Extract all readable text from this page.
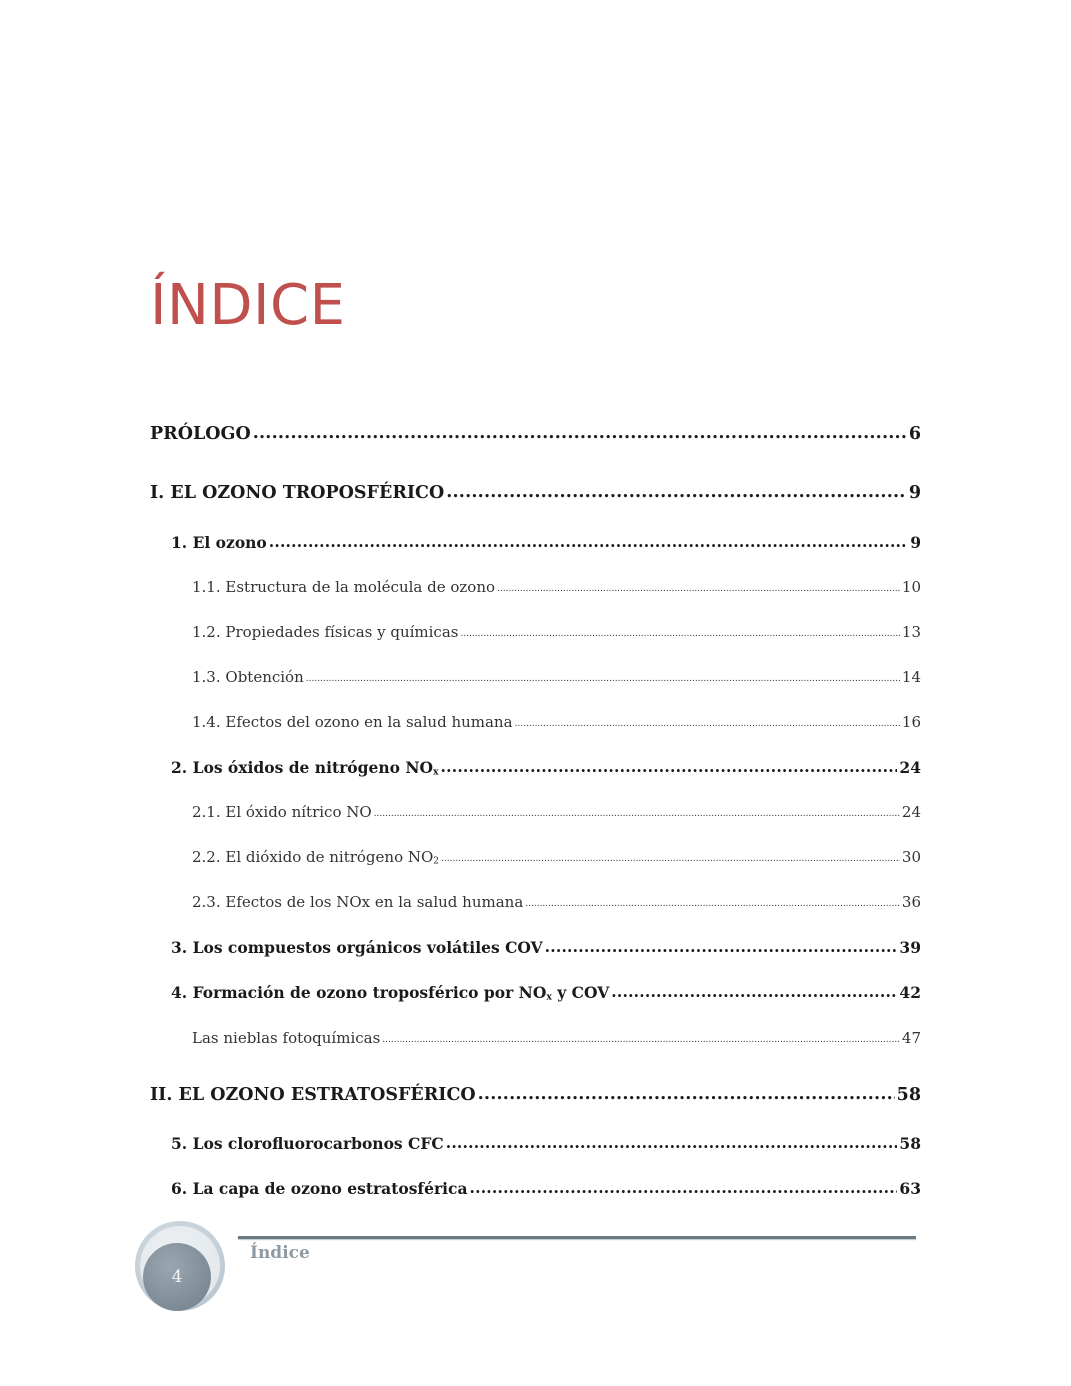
ÍNDICE
PRÓLOGO .....	6
I. EL OZONO TROPOSFÉRICO .....	9
1. El ozono .....	9
1.1. Estructura de la molécula de ozono .....	10
1.2. Propiedades físicas y químicas .....	13
1.3. Obtención .....	14
1.4. Efectos del ozono en la salud humana .....	16
2. Los óxidos de nitrógeno $NO_x$ .....	24
2.1. El óxido nítrico NO .....	24
2.2. El dióxido de nitrógeno $NO_2$ .....	30
2.3. Efectos de los NOx en la salud humana .....	36
3. Los compuestos orgánicos volátiles COV .....	39
4. Formación de ozono troposférico por $NO_x$ y COV .....	42
Las nieblas fotoquímicas .....	47
II. EL OZONO ESTRATOSFÉRICO .....	58
5. Los clorofluorocarbonos CFC .....	58
6. La capa de ozono estratosférica .....	63
4
Índice
